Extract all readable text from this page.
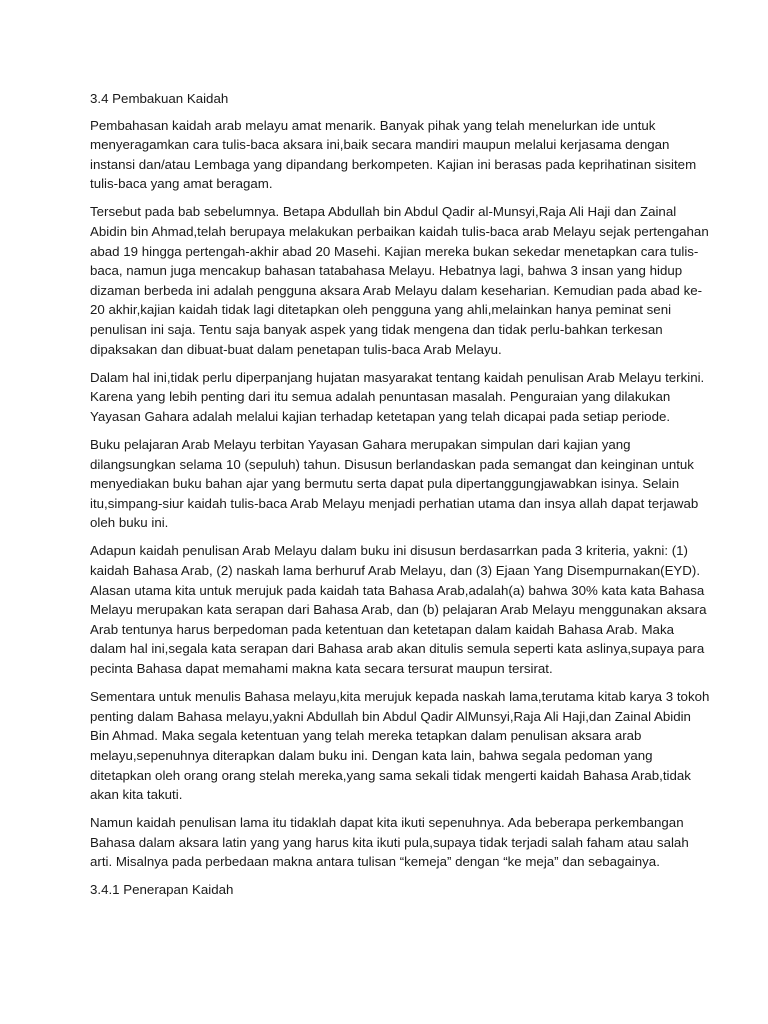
3.4 Pembakuan Kaidah

Pembahasan kaidah arab melayu amat menarik. Banyak pihak yang telah menelurkan ide untuk menyeragamkan cara tulis-baca aksara ini,baik secara mandiri maupun melalui kerjasama dengan instansi dan/atau Lembaga yang dipandang berkompeten. Kajian ini berasas pada keprihatinan sisitem tulis-baca yang amat beragam.

Tersebut pada bab sebelumnya. Betapa Abdullah bin Abdul Qadir al-Munsyi,Raja Ali Haji dan Zainal Abidin bin Ahmad,telah berupaya melakukan perbaikan kaidah tulis-baca arab Melayu sejak pertengahan abad 19 hingga pertengah-akhir abad 20 Masehi. Kajian mereka bukan sekedar menetapkan cara tulis-baca, namun juga mencakup bahasan tatabahasa Melayu. Hebatnya lagi, bahwa 3 insan yang hidup dizaman berbeda ini adalah pengguna aksara Arab Melayu dalam keseharian. Kemudian pada abad ke-20 akhir,kajian kaidah tidak lagi ditetapkan oleh pengguna yang ahli,melainkan hanya peminat seni penulisan ini saja. Tentu saja banyak aspek yang tidak mengena dan tidak perlu-bahkan terkesan dipaksakan dan dibuat-buat dalam penetapan tulis-baca Arab Melayu.

Dalam hal ini,tidak perlu diperpanjang hujatan masyarakat tentang kaidah penulisan Arab Melayu terkini. Karena yang lebih penting dari itu semua adalah penuntasan masalah. Penguraian yang dilakukan Yayasan Gahara adalah melalui kajian terhadap ketetapan yang telah dicapai pada setiap periode.

Buku pelajaran Arab Melayu terbitan Yayasan Gahara merupakan simpulan dari kajian yang dilangsungkan selama 10 (sepuluh) tahun. Disusun berlandaskan pada semangat dan keinginan untuk menyediakan buku bahan ajar yang bermutu serta dapat pula dipertanggungjawabkan isinya. Selain itu,simpang-siur kaidah tulis-baca Arab Melayu menjadi perhatian utama dan insya allah dapat terjawab oleh buku ini.

Adapun kaidah penulisan Arab Melayu dalam buku ini disusun berdasarrkan pada 3 kriteria, yakni: (1) kaidah Bahasa Arab, (2) naskah lama berhuruf Arab Melayu, dan (3) Ejaan Yang Disempurnakan(EYD). Alasan utama kita untuk merujuk pada kaidah tata Bahasa Arab,adalah(a) bahwa 30% kata kata Bahasa Melayu merupakan kata serapan dari Bahasa Arab, dan (b) pelajaran Arab Melayu menggunakan aksara Arab tentunya harus berpedoman pada ketentuan dan ketetapan dalam kaidah Bahasa Arab. Maka dalam hal ini,segala kata serapan dari Bahasa arab akan ditulis semula seperti kata aslinya,supaya para pecinta Bahasa dapat memahami makna kata secara tersurat maupun tersirat.

Sementara untuk menulis Bahasa melayu,kita merujuk kepada naskah lama,terutama kitab karya 3 tokoh penting dalam Bahasa melayu,yakni Abdullah bin Abdul Qadir AlMunsyi,Raja Ali Haji,dan Zainal Abidin Bin Ahmad. Maka segala ketentuan yang telah mereka tetapkan dalam penulisan aksara arab melayu,sepenuhnya diterapkan dalam buku ini. Dengan kata lain, bahwa segala pedoman yang ditetapkan oleh orang orang stelah mereka,yang sama sekali tidak mengerti kaidah Bahasa Arab,tidak akan kita takuti.

Namun kaidah penulisan lama itu tidaklah dapat kita ikuti sepenuhnya. Ada beberapa perkembangan Bahasa dalam aksara latin yang yang harus kita ikuti pula,supaya tidak terjadi salah faham atau salah arti. Misalnya pada perbedaan makna antara tulisan “kemeja” dengan “ke meja” dan sebagainya.

3.4.1 Penerapan Kaidah
